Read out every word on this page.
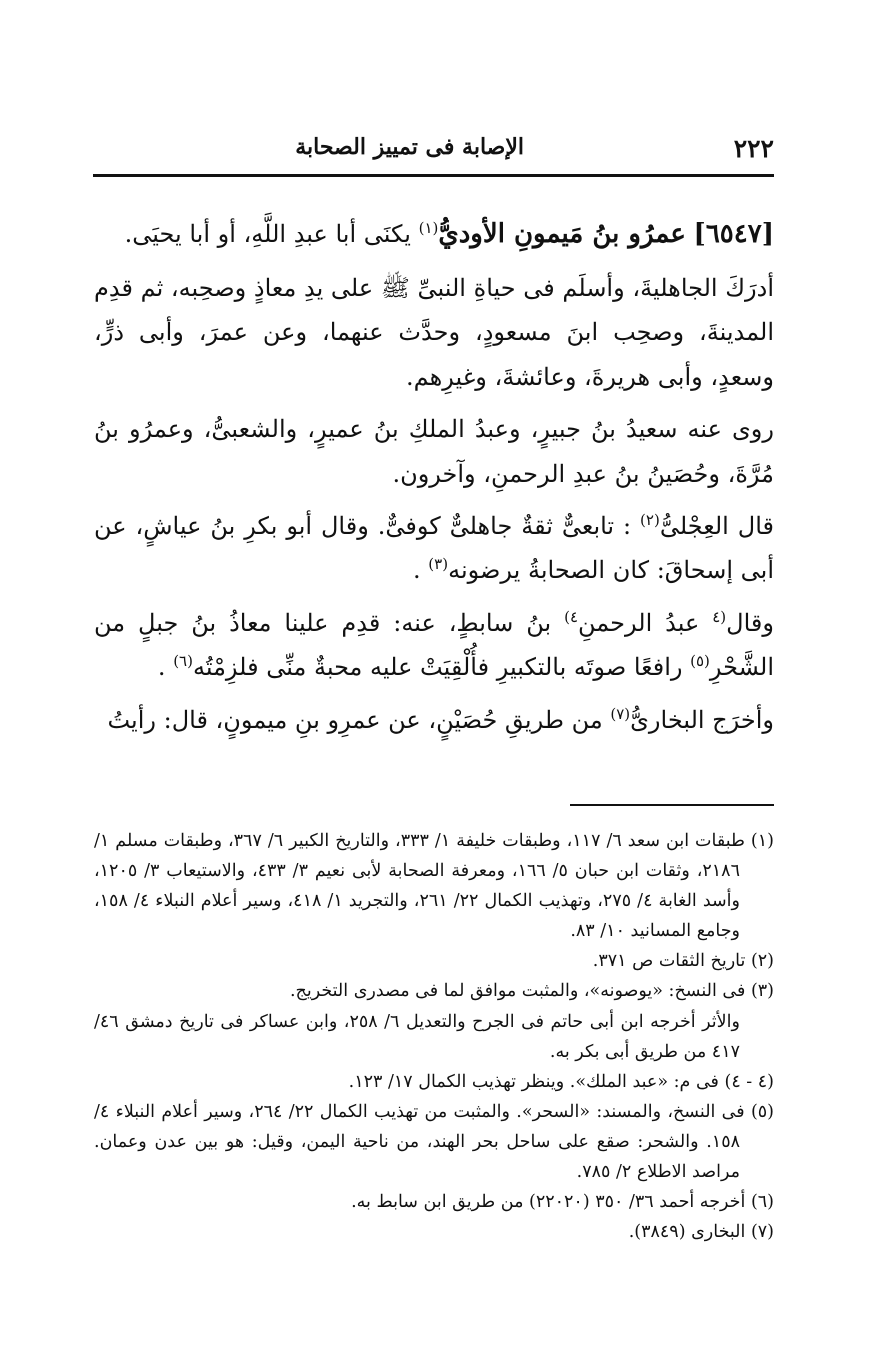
٢٢٢
الإصابة فى تمييز الصحابة

[٦٥٤٧] عمرُو بنُ مَيمونِ الأوديُّ$^{(١)}$ يكنَى أبا عبدِ اللَّهِ، أو أبا يحيَى.

أدرَكَ الجاهليةَ، وأسلَم فى حياةِ النبىِّ ﷺ على يدِ معاذٍ وصحِبه، ثم قدِم المدينةَ، وصحِب ابنَ مسعودٍ، وحدَّث عنهما، وعن عمرَ، وأبى ذرٍّ، وسعدٍ، وأبى هريرةَ، وعائشةَ، وغيرِهم.

روى عنه سعيدُ بنُ جبيرٍ، وعبدُ الملكِ بنُ عميرٍ، والشعبىُّ، وعمرُو بنُ مُرَّةَ، وحُصَينُ بنُ عبدِ الرحمنِ، وآخرون.

قال العِجْلىُّ$^{(٢)}$ : تابعىٌّ ثقةٌ جاهلىٌّ كوفىٌّ. وقال أبو بكرِ بنُ عياشٍ، عن أبى إسحاقَ: كان الصحابةُ يرضونه$^{(٣)}$ .

وقال$^{(٤}$ عبدُ الرحمنِ$^{٤)}$ بنُ سابطٍ، عنه: قدِم علينا معاذُ بنُ جبلٍ من الشَّحْرِ$^{(٥)}$ رافعًا صوتَه بالتكبيرِ فأُلْقِيَتْ عليه محبةٌ منِّى فلزِمْتُه$^{(٦)}$ .

وأخرَج البخارىُّ$^{(٧)}$ من طريقِ حُصَيْنٍ، عن عمرِو بنِ ميمونٍ، قال: رأيتُ

(١) طبقات ابن سعد ٦/ ١١٧، وطبقات خليفة ١/ ٣٣٣، والتاريخ الكبير ٦/ ٣٦٧، وطبقات مسلم ١/ ٢١٨٦، وثقات ابن حبان ٥/ ١٦٦، ومعرفة الصحابة لأبى نعيم ٣/ ٤٣٣، والاستيعاب ٣/ ١٢٠٥، وأسد الغابة ٤/ ٢٧٥، وتهذيب الكمال ٢٢/ ٢٦١، والتجريد ١/ ٤١٨، وسير أعلام النبلاء ٤/ ١٥٨، وجامع المسانيد ١٠/ ٨٣.

(٢) تاريخ الثقات ص ٣٧١.

(٣) فى النسخ: «يوصونه»، والمثبت موافق لما فى مصدرى التخريج.

والأثر أخرجه ابن أبى حاتم فى الجرح والتعديل ٦/ ٢٥٨، وابن عساكر فى تاريخ دمشق ٤٦/ ٤١٧ من طريق أبى بكر به.

(٤ - ٤) فى م: «عبد الملك». وينظر تهذيب الكمال ١٧/ ١٢٣.

(٥) فى النسخ، والمسند: «السحر». والمثبت من تهذيب الكمال ٢٢/ ٢٦٤، وسير أعلام النبلاء ٤/ ١٥٨. والشحر: صقع على ساحل بحر الهند، من ناحية اليمن، وقيل: هو بين عدن وعمان. مراصد الاطلاع ٢/ ٧٨٥.

(٦) أخرجه أحمد ٣٦/ ٣٥٠ (٢٢٠٢٠) من طريق ابن سابط به.

(٧) البخارى (٣٨٤٩).
